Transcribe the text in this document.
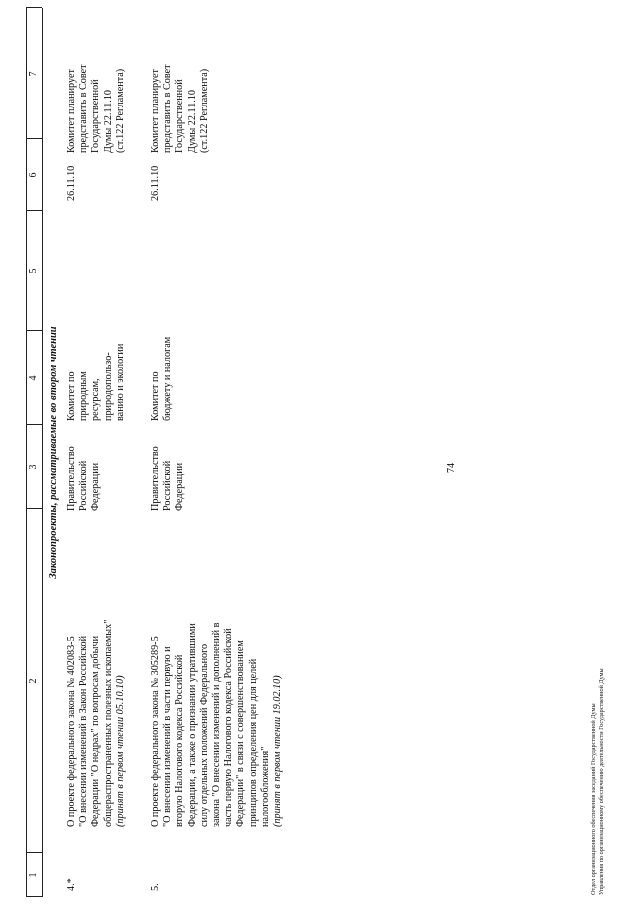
74
1
2
3
4
5
6
7
Законопроекты, рассматриваемые во втором чтении
4.*
О проекте федерального закона № 402083-5 "О внесении изменений в Закон Российской Федерации "О недрах" по вопросам добычи общераспространенных полезных ископаемых" (принят в первом чтении 05.10.10)
Правительство Российской Федерации
Комитет по природным ресурсам, природопользо- ванию и экологии
26.11.10
Комитет планирует представить в Совет Государственной Думы 22.11.10 (ст.122 Регламента)
5.
О проекте федерального закона № 305289-5 "О внесении изменений в части первую и вторую Налогового кодекса Российской Федерации, а также о признании утратившими силу отдельных положений Федерального закона "О внесении изменений и дополнений в часть первую Налогового кодекса Российской Федерации" в связи с совершенствованием принципов определения цен для целей налогообложения" (принят в первом чтении 19.02.10)
Правительство Российской Федерации
Комитет по бюджету и налогам
26.11.10
Комитет планирует представить в Совет Государственной Думы 22.11.10 (ст.122 Регламента)
Отдел организационного обеспечения заседаний Государственной Думы Управления по организационному обеспечению деятельности Государственной Думы
